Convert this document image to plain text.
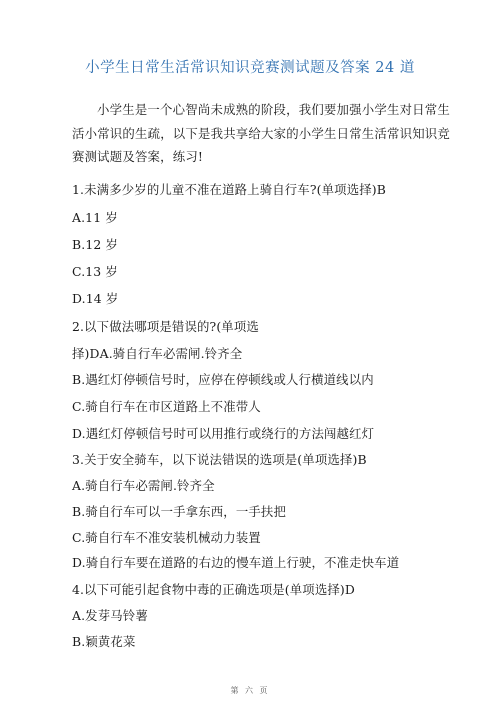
小学生日常生活常识知识竞赛测试题及答案 24 道
小学生是一个心智尚未成熟的阶段，我们要加强小学生对日常生活小常识的生疏，以下是我共享给大家的小学生日常生活常识知识竞赛测试题及答案，练习!
1.未满多少岁的儿童不准在道路上骑自行车?(单项选择)B
A.11 岁
B.12 岁
C.13 岁
D.14 岁
2.以下做法哪项是错误的?(单项选
择)DA.骑自行车必需闸.铃齐全
B.遇红灯停顿信号时，应停在停顿线或人行横道线以内
C.骑自行车在市区道路上不准带人
D.遇红灯停顿信号时可以用推行或绕行的方法闯越红灯
3.关于安全骑车，以下说法错误的选项是(单项选择)B
A.骑自行车必需闸.铃齐全
B.骑自行车可以一手拿东西，一手扶把
C.骑自行车不准安装机械动力装置
D.骑自行车要在道路的右边的慢车道上行驶，不准走快车道
4.以下可能引起食物中毒的正确选项是(单项选择)D
A.发芽马铃薯
B.颖黄花菜
第 六 页
